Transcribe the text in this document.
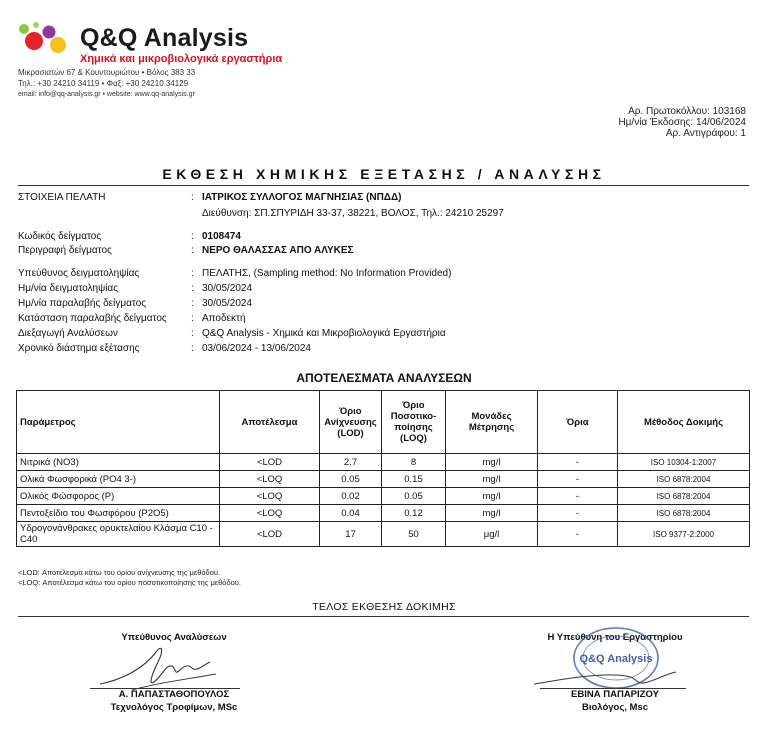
Q&Q Analysis
Χημικά και μικροβιολογικά εργαστήρια
Μικρασιατών 67 & Κουντουριώτου • Βόλος 383 33
Τηλ.: +30 24210 34119 • Φαξ: +30 24210 34129
email: info@qq-analysis.gr • website: www.qq-analysis.gr
Αρ. Πρωτοκόλλου: 103168
Ημ/νία Έκδοσης: 14/06/2024
Αρ. Αντιγράφου: 1
ΕΚΘΕΣΗ ΧΗΜΙΚΗΣ ΕΞΕΤΑΣΗΣ / ΑΝΑΛΥΣΗΣ
ΣΤΟΙΧΕΙΑ ΠΕΛΑΤΗ	: ΙΑΤΡΙΚΟΣ ΣΥΛΛΟΓΟΣ ΜΑΓΝΗΣΙΑΣ (ΝΠΔΔ)
Διεύθυνση: ΣΠ.ΣΠΥΡΙΔΗ 33-37, 38221, ΒΟΛΟΣ, Τηλ.: 24210 25297
Κωδικός δείγματος	: 0108474
Περιγραφή δείγματος	: ΝΕΡΟ ΘΑΛΑΣΣΑΣ ΑΠΟ ΑΛΥΚΕΣ
Υπεύθυνος δειγματοληψίας	: ΠΕΛΑΤΗΣ, (Sampling method: No Information Provided)
Ημ/νία δειγματοληψίας	: 30/05/2024
Ημ/νία παραλαβής δείγματος	: 30/05/2024
Κατάσταση παραλαβής δείγματος : Αποδεκτή
Διεξαγωγή Αναλύσεων	: Q&Q Analysis - Χημικά και Μικροβιολογικά Εργαστήρια
Χρονικό διάστημα εξέτασης	: 03/06/2024 - 13/06/2024
ΑΠΟΤΕΛΕΣΜΑΤΑ ΑΝΑΛΥΣΕΩΝ
Παράμετρος	Αποτέλεσμα	Όριο Ανίχνευσης (LOD)	Όριο Ποσοτικο-ποίησης (LOQ)	Μονάδες Μέτρησης	Όρια	Μέθοδος Δοκιμής
Νιτρικά (ΝΟ3)	<LOD	2.7	8	mg/l	-	ISO 10304-1:2007
Ολικά Φωσφορικά (PO4 3-)	<LOQ	0.05	0.15	mg/l	-	ISO 6878:2004
Ολικός Φώσφορος (P)	<LOQ	0.02	0.05	mg/l	-	ISO 6878:2004
Πεντοξείδιο του Φωσφόρου (P2O5)	<LOQ	0.04	0.12	mg/l	-	ISO 6878:2004
Υδρογονάνθρακες ορυκτελαίου Κλάσμα C10 - C40	<LOD	17	50	μg/l	-	ISO 9377-2:2000
<LOD: Αποτέλεσμα κάτω του ορίου ανίχνευσης της μεθόδου.
<LOQ: Αποτέλεσμα κάτω του ορίου ποσοτικοποίησης της μεθόδου.
ΤΕΛΟΣ ΕΚΘΕΣΗΣ ΔΟΚΙΜΗΣ
Υπεύθυνος Αναλύσεων
Α. ΠΑΠΑΣΤΑΘΟΠΟΥΛΟΣ
Τεχνολόγος Τροφίμων, MSc
Η Υπεύθυνη του Εργαστηρίου
Q&Q Analysis
ΕΒΙΝΑ ΠΑΠΑΡΙΖΟΥ
Βιολόγος, Msc
